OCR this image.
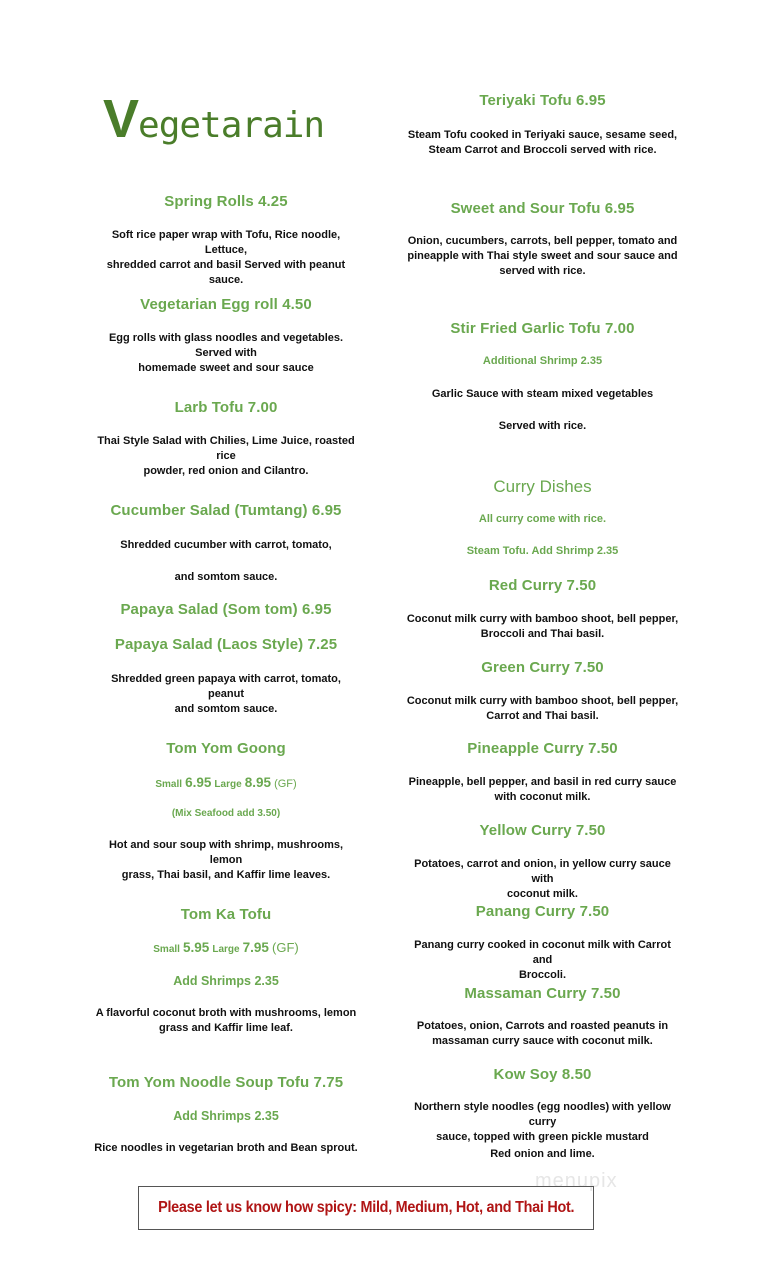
Vegetarain
Spring Rolls 4.25
Soft rice paper wrap with Tofu, Rice noodle, Lettuce,
shredded carrot and basil Served with peanut sauce.
Vegetarian Egg roll 4.50
Egg rolls with glass noodles and vegetables. Served with
homemade sweet and sour sauce
Larb Tofu 7.00
Thai Style Salad with Chilies, Lime Juice, roasted rice
powder, red onion and Cilantro.
Cucumber Salad (Tumtang) 6.95
Shredded cucumber with carrot, tomato,
and somtom sauce.
Papaya Salad (Som tom) 6.95
Papaya Salad (Laos Style) 7.25
Shredded green papaya with carrot, tomato, peanut
and somtom sauce.
Tom Yom Goong
Small 6.95 Large 8.95 (GF)
(Mix Seafood add 3.50)
Hot and sour soup with shrimp, mushrooms, lemon
grass, Thai basil, and Kaffir lime leaves.
Tom Ka Tofu
Small 5.95 Large 7.95 (GF)
Add Shrimps 2.35
A flavorful coconut broth with mushrooms, lemon
grass and Kaffir lime leaf.
Tom Yom Noodle Soup Tofu 7.75
Add Shrimps 2.35
Rice noodles in vegetarian broth and Bean sprout.
Teriyaki Tofu 6.95
Steam Tofu cooked in Teriyaki sauce, sesame seed,
Steam Carrot and Broccoli served with rice.
Sweet and Sour Tofu 6.95
Onion, cucumbers, carrots, bell pepper, tomato and
pineapple with Thai style sweet and sour sauce and
served with rice.
Stir Fried Garlic Tofu 7.00
Additional Shrimp 2.35
Garlic Sauce with steam mixed vegetables
Served with rice.
Curry Dishes
All curry come with rice.
Steam Tofu. Add Shrimp 2.35
Red Curry 7.50
Coconut milk curry with bamboo shoot, bell pepper,
Broccoli and Thai basil.
Green Curry 7.50
Coconut milk curry with bamboo shoot, bell pepper,
Carrot and Thai basil.
Pineapple Curry 7.50
Pineapple, bell pepper, and basil in red curry sauce
with coconut milk.
Yellow Curry 7.50
Potatoes, carrot and onion, in yellow curry sauce with
coconut milk.
Panang Curry 7.50
Panang curry cooked in coconut milk with Carrot and
Broccoli.
Massaman Curry 7.50
Potatoes, onion, Carrots and roasted peanuts in
massaman curry sauce with coconut milk.
Kow Soy 8.50
Northern style noodles (egg noodles) with yellow curry
sauce, topped with green pickle mustard
Red onion and lime.
menupix
Please let us know how spicy: Mild, Medium, Hot, and Thai Hot.
